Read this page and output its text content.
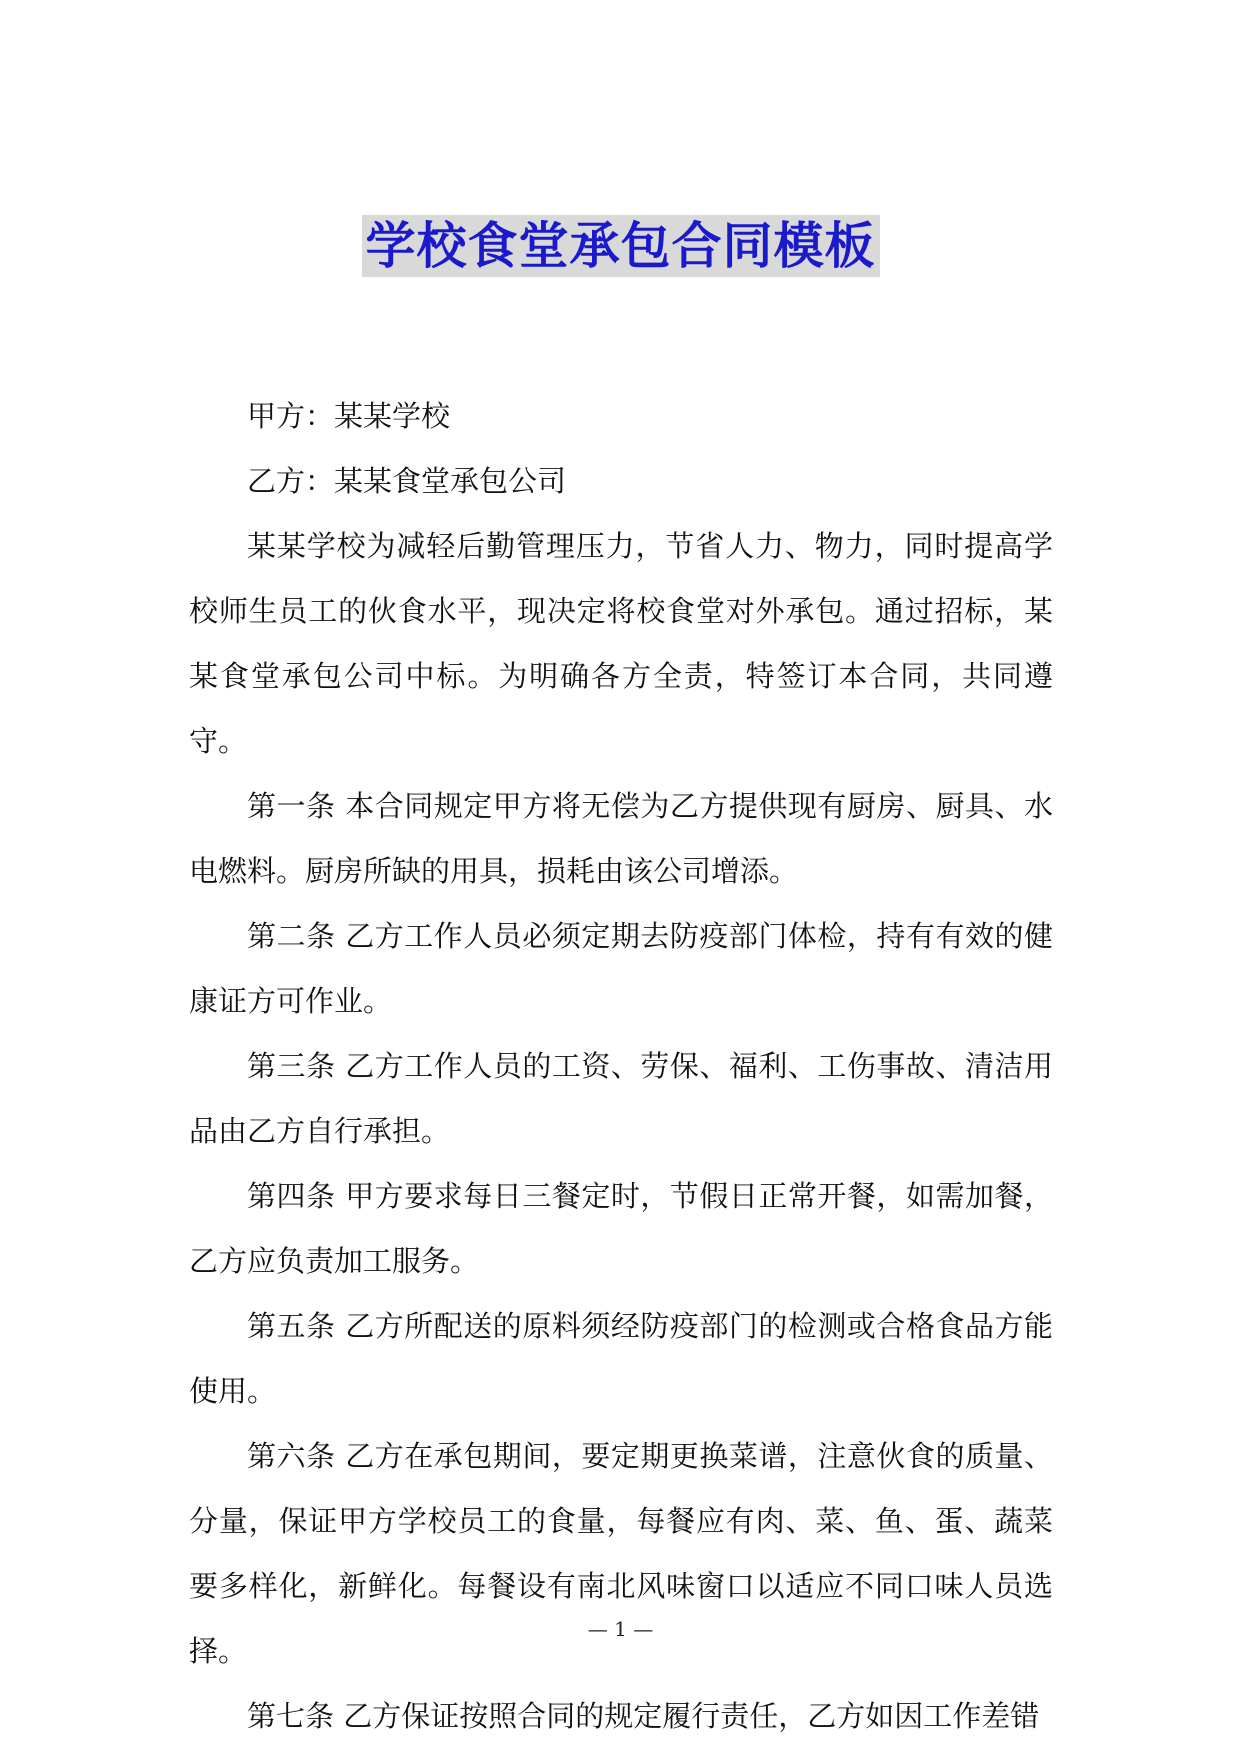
学校食堂承包合同模板

甲方：某某学校

乙方：某某食堂承包公司

某某学校为减轻后勤管理压力，节省人力、物力，同时提高学校师生员工的伙食水平，现决定将校食堂对外承包。通过招标，某某食堂承包公司中标。为明确各方全责，特签订本合同，共同遵守。

第一条 本合同规定甲方将无偿为乙方提供现有厨房、厨具、水电燃料。厨房所缺的用具，损耗由该公司增添。

第二条 乙方工作人员必须定期去防疫部门体检，持有有效的健康证方可作业。

第三条 乙方工作人员的工资、劳保、福利、工伤事故、清洁用品由乙方自行承担。

第四条 甲方要求每日三餐定时，节假日正常开餐，如需加餐，乙方应负责加工服务。

第五条 乙方所配送的原料须经防疫部门的检测或合格食品方能使用。

第六条 乙方在承包期间，要定期更换菜谱，注意伙食的质量、分量，保证甲方学校员工的食量，每餐应有肉、菜、鱼、蛋、蔬菜要多样化，新鲜化。每餐设有南北风味窗口以适应不同口味人员选择。

第七条 乙方保证按照合同的规定履行责任，乙方如因工作差错

— 1 —
